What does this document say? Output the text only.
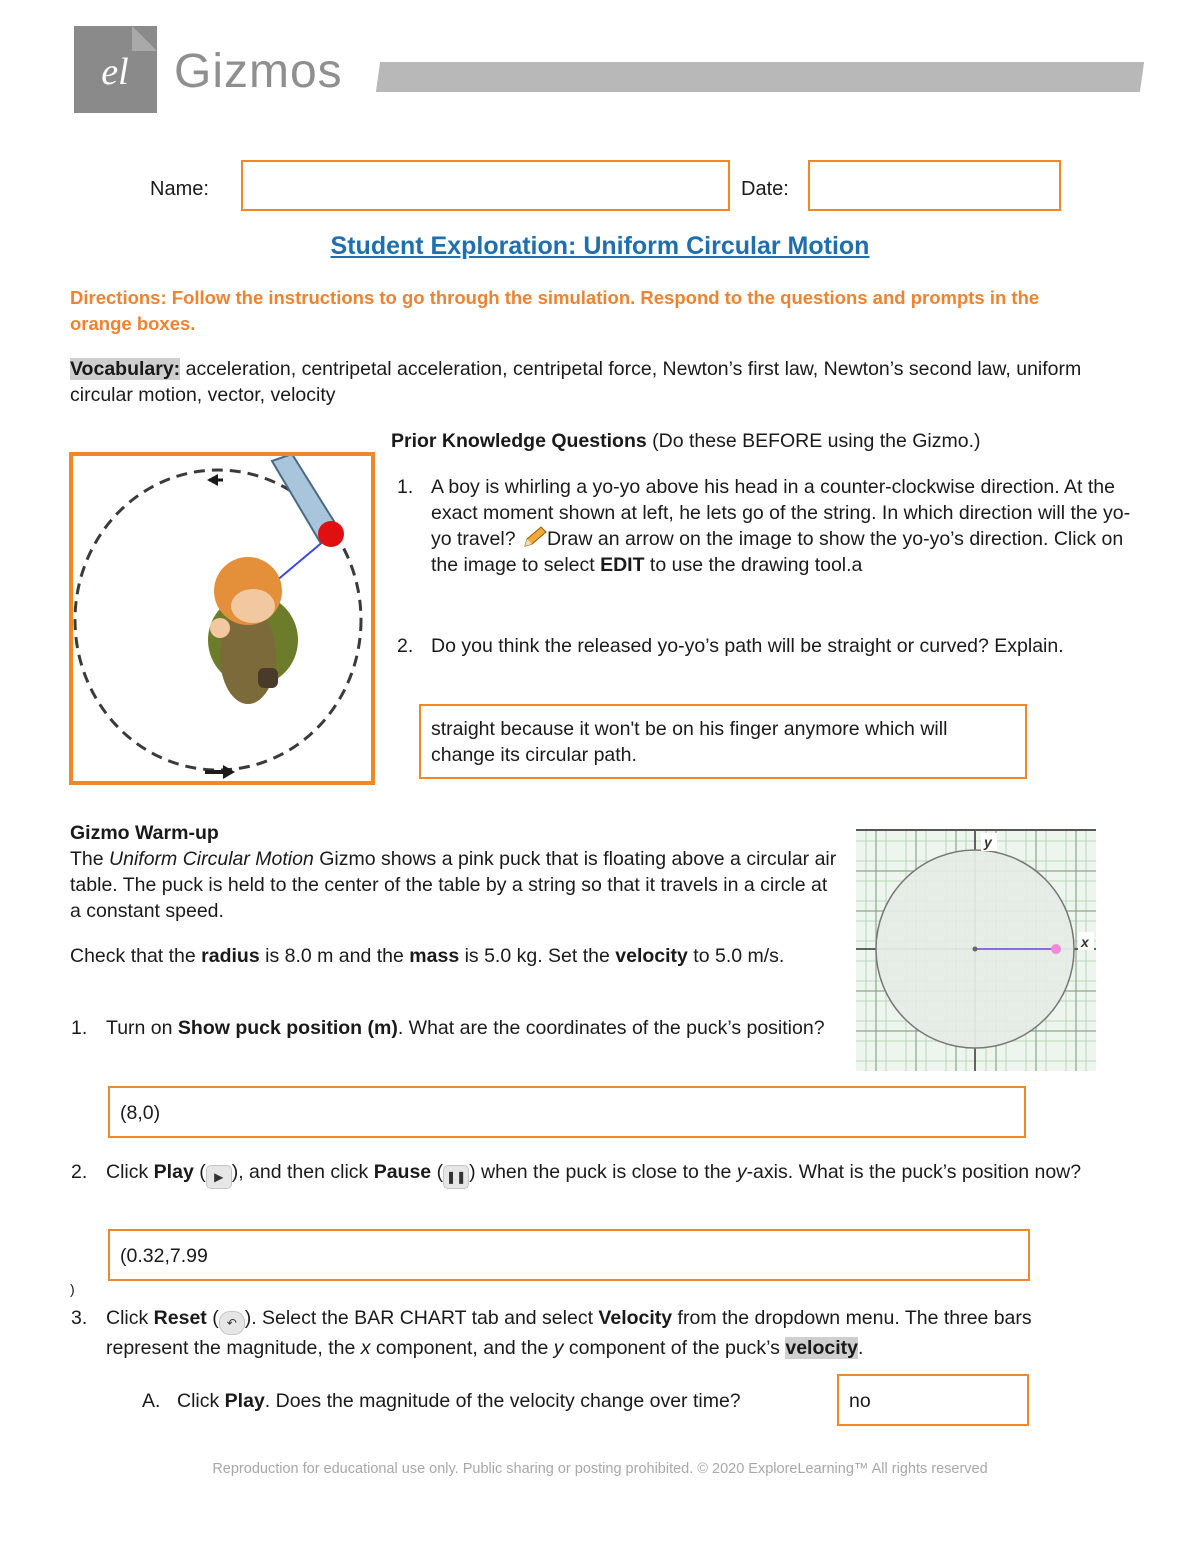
el Gizmos
Name:	Date:
Student Exploration: Uniform Circular Motion
Directions: Follow the instructions to go through the simulation. Respond to the questions and prompts in the orange boxes.
Vocabulary: acceleration, centripetal acceleration, centripetal force, Newton’s first law, Newton’s second law, uniform circular motion, vector, velocity
Prior Knowledge Questions (Do these BEFORE using the Gizmo.)
1. A boy is whirling a yo-yo above his head in a counter-clockwise direction. At the exact moment shown at left, he lets go of the string. In which direction will the yo-yo travel? Draw an arrow on the image to show the yo-yo’s direction. Click on the image to select EDIT to use the drawing tool.a
2. Do you think the released yo-yo’s path will be straight or curved? Explain.
straight because it won't be on his finger anymore which will change its circular path.
Gizmo Warm-up
The Uniform Circular Motion Gizmo shows a pink puck that is floating above a circular air table. The puck is held to the center of the table by a string so that it travels in a circle at a constant speed.
Check that the radius is 8.0 m and the mass is 5.0 kg. Set the velocity to 5.0 m/s.
y
x
1. Turn on Show puck position (m). What are the coordinates of the puck’s position?
(8,0)
2. Click Play ( ▶ ), and then click Pause ( ❚❚ ) when the puck is close to the y-axis. What is the puck’s position now?
(0.32,7.99
)
3. Click Reset ( ↶ ). Select the BAR CHART tab and select Velocity from the dropdown menu. The three bars represent the magnitude, the x component, and the y component of the puck’s velocity.
A. Click Play. Does the magnitude of the velocity change over time?	no
Reproduction for educational use only. Public sharing or posting prohibited. © 2020 ExploreLearning™ All rights reserved
